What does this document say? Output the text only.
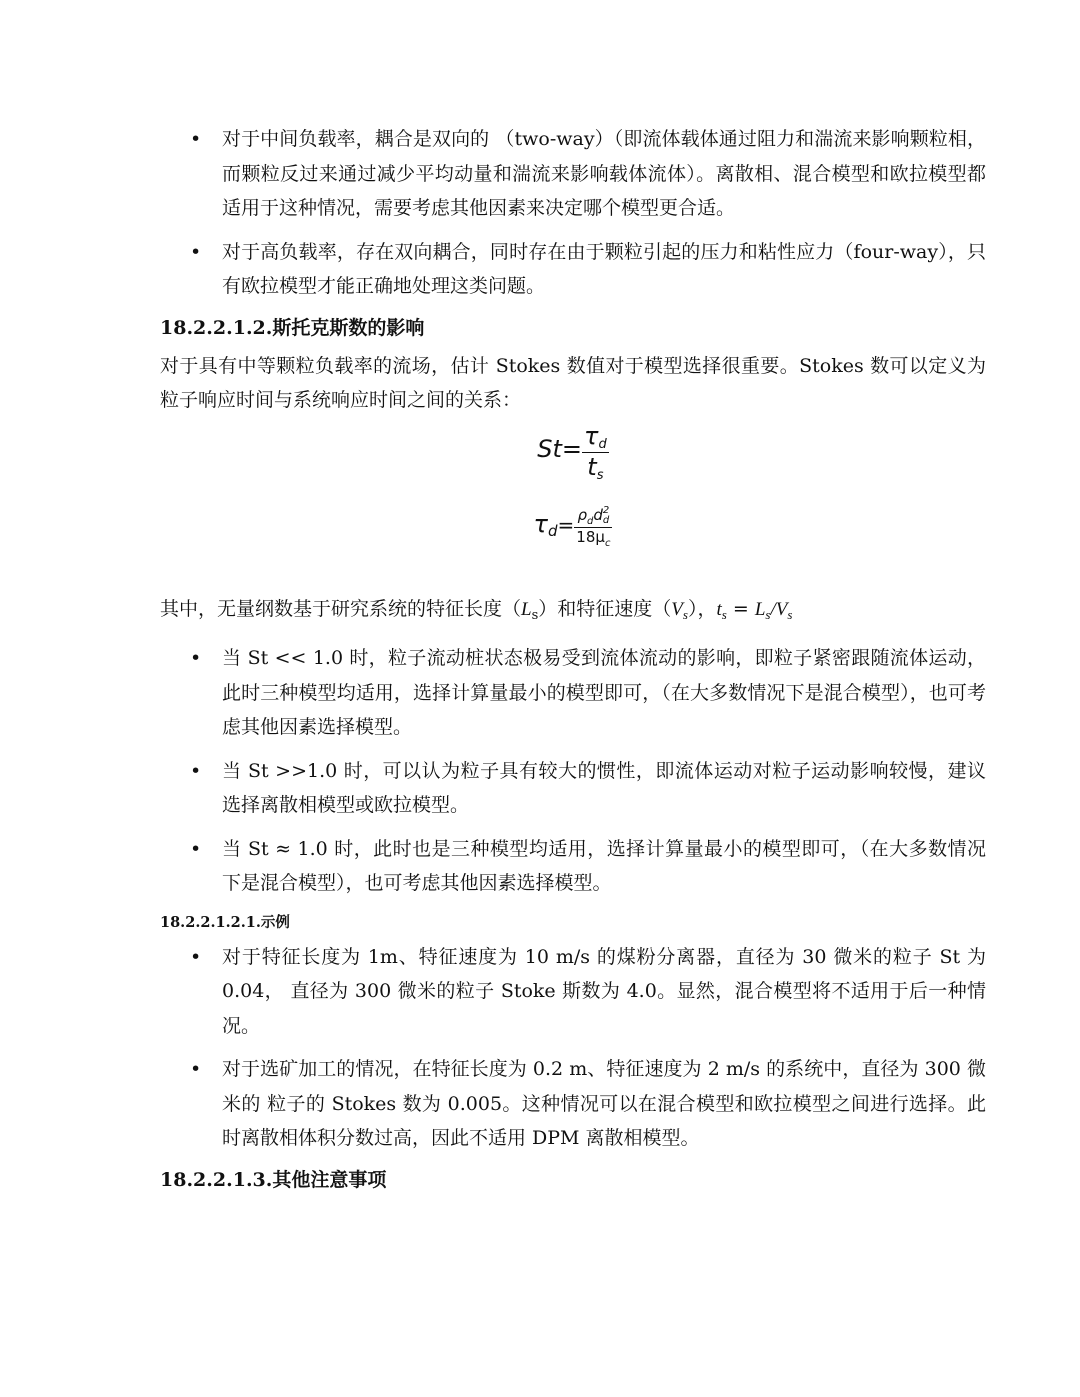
• 对于中间负载率，耦合是双向的 （two-way）（即流体载体通过阻力和湍流来影响颗粒相，而颗粒反过来通过减少平均动量和湍流来影响载体流体）。离散相、混合模型和欧拉模型都适用于这种情况，需要考虑其他因素来决定哪个模型更合适。
• 对于高负载率，存在双向耦合，同时存在由于颗粒引起的压力和粘性应力（four-way），只有欧拉模型才能正确地处理这类问题。
18.2.2.1.2.斯托克斯数的影响

对于具有中等颗粒负载率的流场，估计 Stokes 数值对于模型选择很重要。Stokes 数可以定义为粒子响应时间与系统响应时间之间的关系：

$St= \frac{\tau_d}{t_s}$
$\tau_d= \rho_dd$ 2
d
$18\mu_c$

其中，无量纲数基于研究系统的特征长度$(L_s)$和特征速度$(V_s)$，$t_s = L_s/V_s$

• 当 St << 1.0 时，粒子流动桩状态极易受到流体流动的影响，即粒子紧密跟随流体运动，此时三种模型均适用，选择计算量最小的模型即可，（在大多数情况下是混合模型），也可考虑其他因素选择模型。
• 当 St >>1.0 时，可以认为粒子具有较大的惯性，即流体运动对粒子运动影响较慢，建议选择离散相模型或欧拉模型。
• 当 St ≈ 1.0 时，此时也是三种模型均适用，选择计算量最小的模型即可，（在大多数情况下是混合模型），也可考虑其他因素选择模型。
18.2.2.1.2.1.示例
• 对于特征长度为 1m、特征速度为 10 m/s 的煤粉分离器，直径为 30 微米的粒子 St 为 0.04， 直径为 300 微米的粒子 Stoke 斯数为 4.0。显然，混合模型将不适用于后一种情况。
• 对于选矿加工的情况，在特征长度为 0.2 m、特征速度为 2 m/s 的系统中，直径为 300 微米的 粒子的 Stokes 数为 0.005。这种情况可以在混合模型和欧拉模型之间进行选择。此时离散相体积分数过高，因此不适用 DPM 离散相模型。
18.2.2.1.3.其他注意事项
